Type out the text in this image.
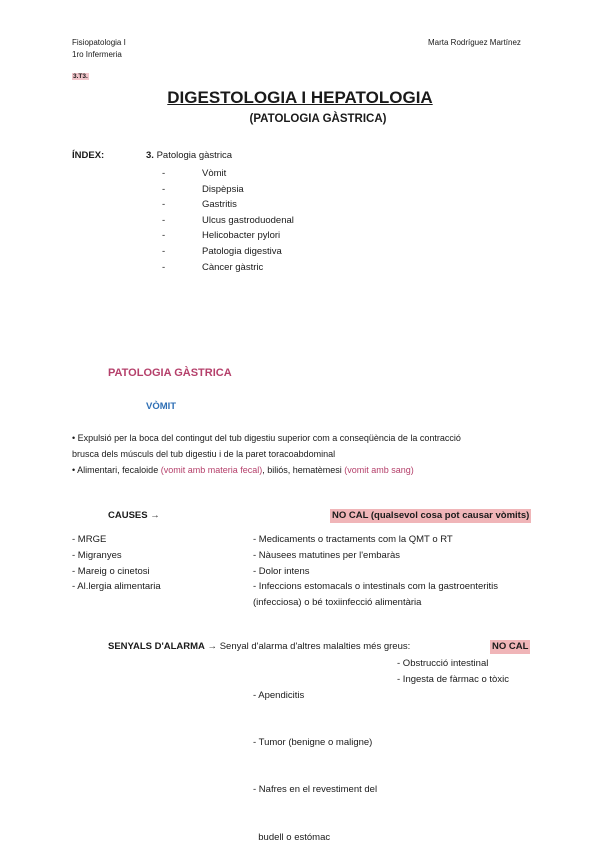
Fisiopatologia I
1ro Infermeria
Marta Rodríguez Martínez
3.T3.
DIGESTOLOGIA I HEPATOLOGIA
(PATOLOGIA GÀSTRICA)
ÍNDEX:	3. Patologia gàstrica
-	Vòmit
-	Dispèpsia
-	Gastritis
-	Ulcus gastroduodenal
-	Helicobacter pylori
-	Patologia digestiva
-	Càncer gàstric
PATOLOGIA GÀSTRICA
VÒMIT
• Expulsió per la boca del contingut del tub digestiu superior com a conseqüència de la contracció
brusca dels músculs del tub digestiu i de la paret toracoabdominal
• Alimentari, fecaloide (vomit amb materia fecal), biliós, hematèmesi (vomit amb sang)
CAUSES →	NO CAL (qualsevol cosa pot causar vòmits)
- MRGE
- Migranyes
- Mareig o cinetosi
- Al.lergia alimentaria
- Medicaments o tractaments com la QMT o RT
- Nàusees matutines per l'embaràs
- Dolor intens
- Infeccions estomacals o intestinals com la gastroenteritis
(infecciosa) o bé toxiinfecció alimentària
SENYALS D'ALARMA → Senyal d'alarma d'altres malalties més greus:	NO CAL

- Apendicitis

- Tumor (benigne o maligne)

- Nafres en el revestiment del

budell o estómac

- Obstrucció intestinal
- Ingesta de fàrmac o tòxic
